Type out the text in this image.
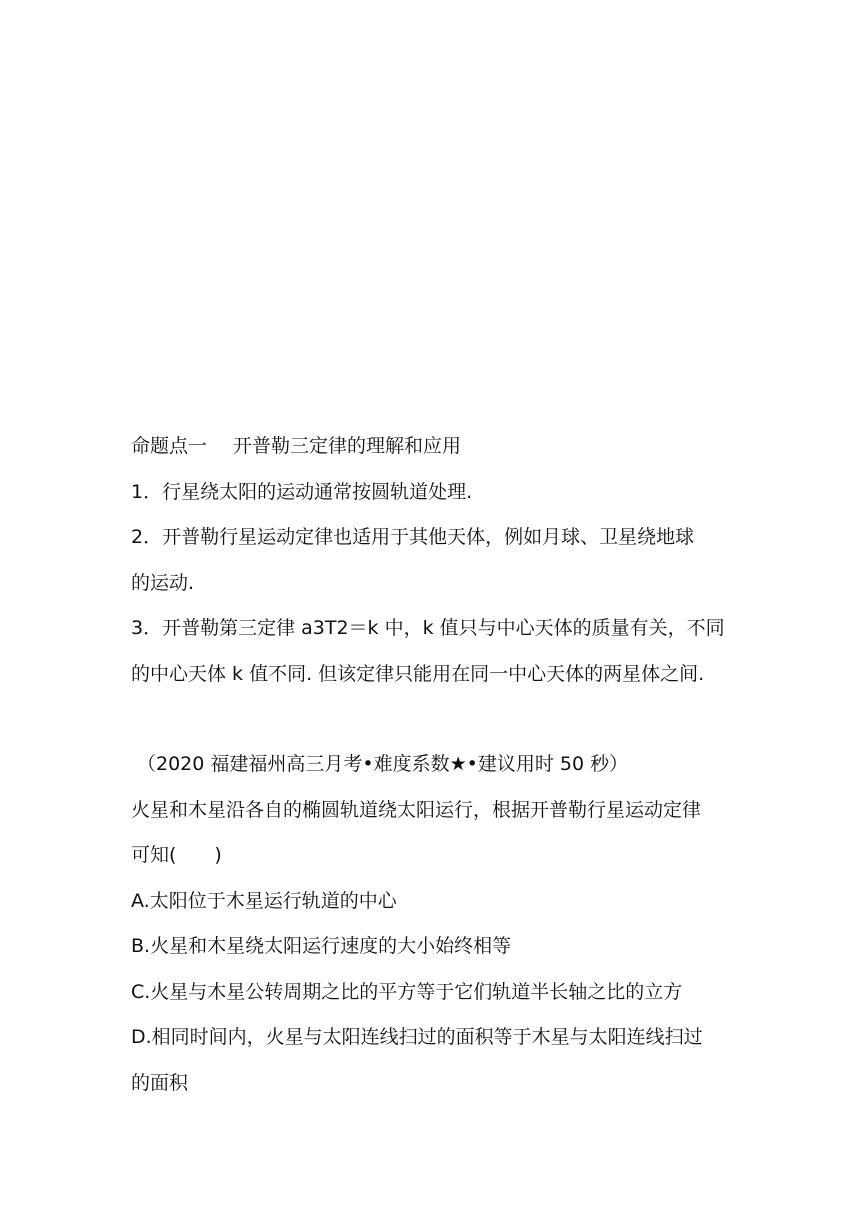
命题点一 开普勒三定律的理解和应用
1．行星绕太阳的运动通常按圆轨道处理.
2．开普勒行星运动定律也适用于其他天体，例如月球、卫星绕地球
的运动.
3．开普勒第三定律 a3T2＝k 中，k 值只与中心天体的质量有关，不同
的中心天体 k 值不同. 但该定律只能用在同一中心天体的两星体之间.
（2020 福建福州高三月考•难度系数★•建议用时 50 秒）
火星和木星沿各自的椭圆轨道绕太阳运行，根据开普勒行星运动定律
可知(　　)
A.太阳位于木星运行轨道的中心
B.火星和木星绕太阳运行速度的大小始终相等
C.火星与木星公转周期之比的平方等于它们轨道半长轴之比的立方
D.相同时间内，火星与太阳连线扫过的面积等于木星与太阳连线扫过
的面积
